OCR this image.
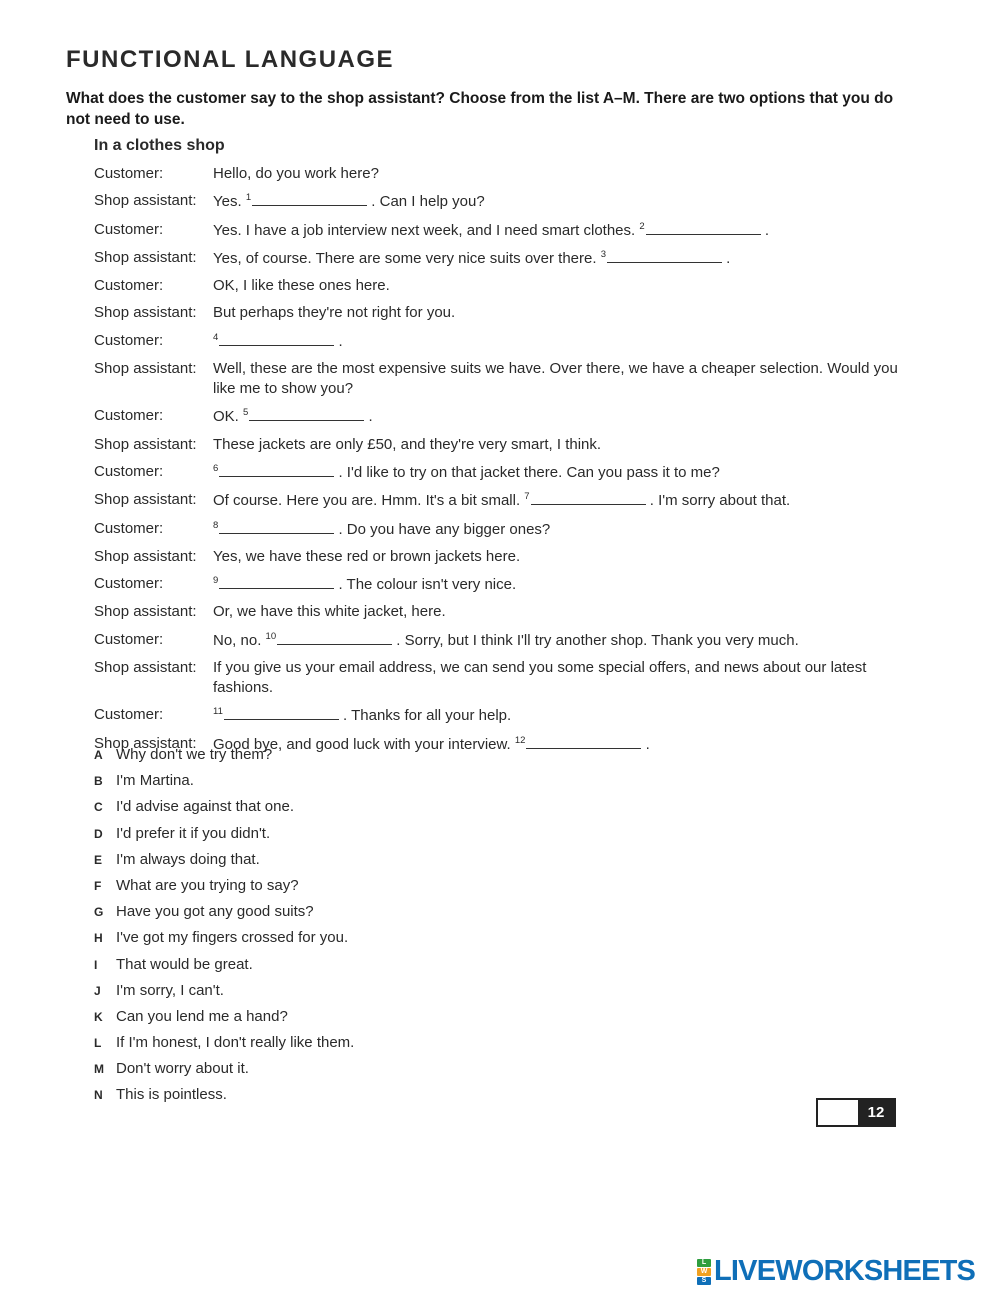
FUNCTIONAL LANGUAGE
What does the customer say to the shop assistant? Choose from the list A–M. There are two options that you do not need to use.
In a clothes shop
Customer:	Hello, do you work here?
Shop assistant:	Yes. $^1$	. Can I help you?
Customer:	Yes. I have a job interview next week, and I need smart clothes. $^2$	.
Shop assistant:	Yes, of course. There are some very nice suits over there. $^3$	.
Customer:	OK, I like these ones here.
Shop assistant:	But perhaps they're not right for you.
Customer:	$^4$	.
Shop assistant:	Well, these are the most expensive suits we have. Over there, we have a cheaper selection. Would you like me to show you?
Customer:	OK. $^5$	.
Shop assistant:	These jackets are only £50, and they're very smart, I think.
Customer:	$^6$	. I'd like to try on that jacket there. Can you pass it to me?
Shop assistant:	Of course. Here you are. Hmm. It's a bit small. $^7$	. I'm sorry about that.
Customer:	$^8$	. Do you have any bigger ones?
Shop assistant:	Yes, we have these red or brown jackets here.
Customer:	$^9$	. The colour isn't very nice.
Shop assistant:	Or, we have this white jacket, here.
Customer:	No, no. $^{10}$	. Sorry, but I think I'll try another shop. Thank you very much.
Shop assistant:	If you give us your email address, we can send you some special offers, and news about our latest fashions.
Customer:	$^{11}$	. Thanks for all your help.
Shop assistant:	Good bye, and good luck with your interview. $^{12}$	.
A Why don't we try them?
B I'm Martina.
C I'd advise against that one.
D I'd prefer it if you didn't.
E I'm always doing that.
F What are you trying to say?
G Have you got any good suits?
H I've got my fingers crossed for you.
I	That would be great.
J	I'm sorry, I can't.
K Can you lend me a hand?
L If I'm honest, I don't really like them.
M Don't worry about it.
N This is pointless.
12
L
W
S LIVEWORKSHEETS
